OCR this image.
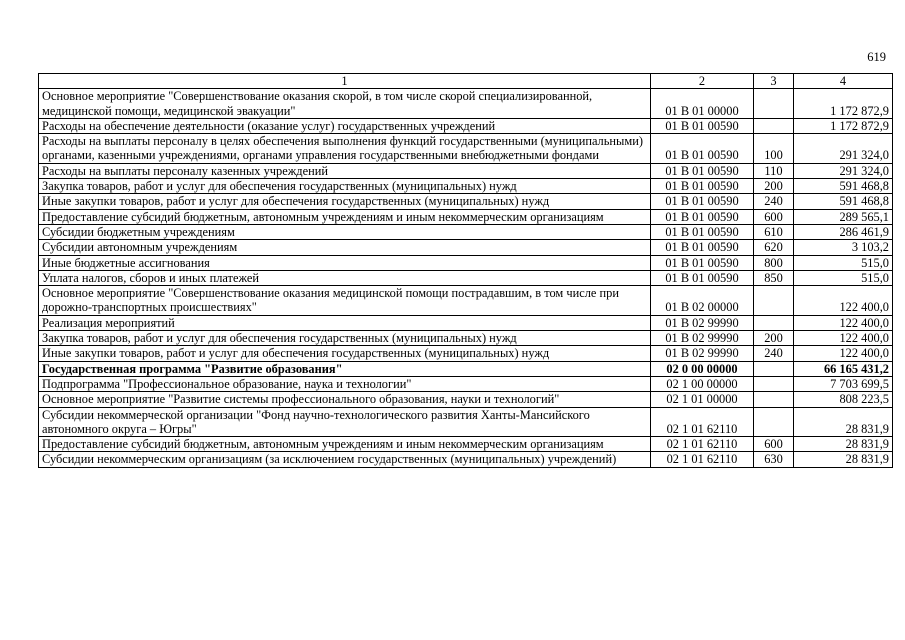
619
1	2	3	4
Основное мероприятие "Совершенствование оказания скорой, в том числе скорой специализированной, медицинской помощи, медицинской эвакуации"	01 В 01 00000		1 172 872,9
Расходы на обеспечение деятельности (оказание услуг) государственных учреждений	01 В 01 00590		1 172 872,9
Расходы на выплаты персоналу в целях обеспечения выполнения функций государственными (муниципальными) органами, казенными учреждениями, органами управления государственными внебюджетными фондами	01 В 01 00590	100	291 324,0
Расходы на выплаты персоналу казенных учреждений	01 В 01 00590	110	291 324,0
Закупка товаров, работ и услуг для обеспечения государственных (муниципальных) нужд	01 В 01 00590	200	591 468,8
Иные закупки товаров, работ и услуг для обеспечения государственных (муниципальных) нужд	01 В 01 00590	240	591 468,8
Предоставление субсидий бюджетным, автономным учреждениям и иным некоммерческим организациям	01 В 01 00590	600	289 565,1
Субсидии бюджетным учреждениям	01 В 01 00590	610	286 461,9
Субсидии автономным учреждениям	01 В 01 00590	620	3 103,2
Иные бюджетные ассигнования	01 В 01 00590	800	515,0
Уплата налогов, сборов и иных платежей	01 В 01 00590	850	515,0
Основное мероприятие "Совершенствование оказания медицинской помощи пострадавшим, в том числе при дорожно-транспортных происшествиях"	01 В 02 00000		122 400,0
Реализация мероприятий	01 В 02 99990		122 400,0
Закупка товаров, работ и услуг для обеспечения государственных (муниципальных) нужд	01 В 02 99990	200	122 400,0
Иные закупки товаров, работ и услуг для обеспечения государственных (муниципальных) нужд	01 В 02 99990	240	122 400,0
Государственная программа "Развитие образования"	02 0 00 00000		66 165 431,2
Подпрограмма "Профессиональное образование, наука и технологии"	02 1 00 00000		7 703 699,5
Основное мероприятие "Развитие системы профессионального образования, науки и технологий"	02 1 01 00000		808 223,5
Субсидии некоммерческой организации "Фонд научно-технологического развития Ханты-Мансийского автономного округа – Югры"	02 1 01 62110		28 831,9
Предоставление субсидий бюджетным, автономным учреждениям и иным некоммерческим организациям	02 1 01 62110	600	28 831,9
Субсидии некоммерческим организациям (за исключением государственных (муниципальных) учреждений)	02 1 01 62110	630	28 831,9
